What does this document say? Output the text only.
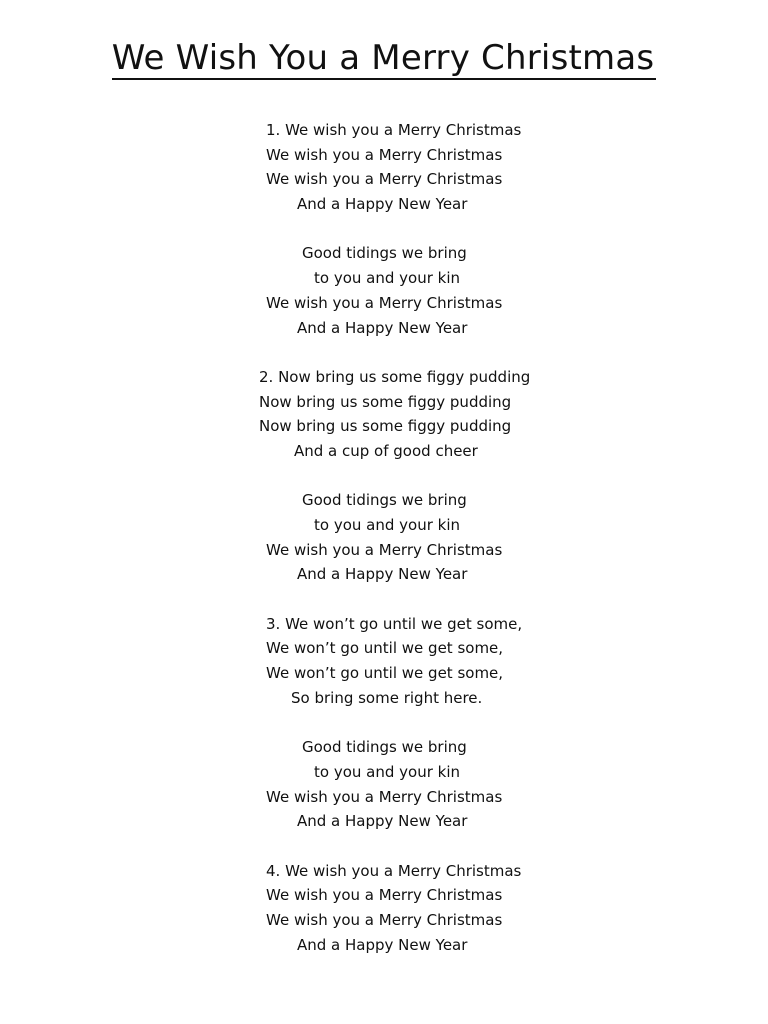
We Wish You a Merry Christmas
1. We wish you a Merry Christmas
We wish you a Merry Christmas
We wish you a Merry Christmas
And a Happy New Year
Good tidings we bring
to you and your kin
We wish you a Merry Christmas
And a Happy New Year
2. Now bring us some figgy pudding
Now bring us some figgy pudding
Now bring us some figgy pudding
And a cup of good cheer
Good tidings we bring
to you and your kin
We wish you a Merry Christmas
And a Happy New Year
3. We won’t go until we get some,
We won’t go until we get some,
We won’t go until we get some,
So bring some right here.
Good tidings we bring
to you and your kin
We wish you a Merry Christmas
And a Happy New Year
4. We wish you a Merry Christmas
We wish you a Merry Christmas
We wish you a Merry Christmas
And a Happy New Year
